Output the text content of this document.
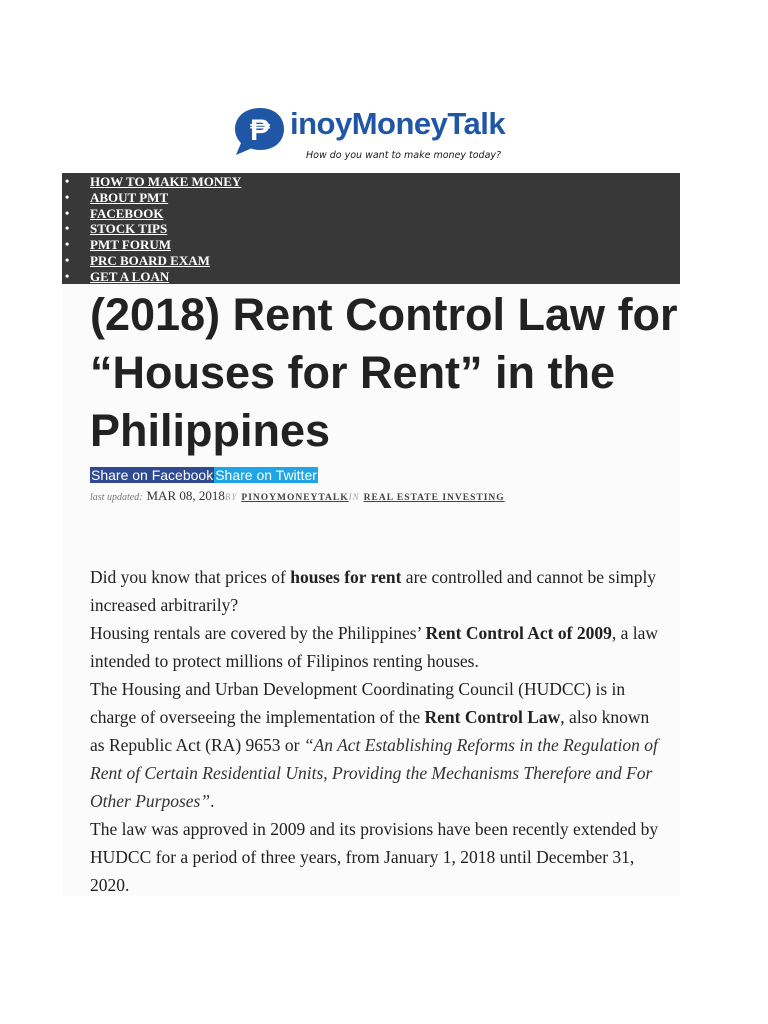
₱ inoyMoneyTalk
How do you want to make money today?
• HOW TO MAKE MONEY
• ABOUT PMT
• FACEBOOK
• STOCK TIPS
• PMT FORUM
• PRC BOARD EXAM
• GET A LOAN
(2018) Rent Control Law for “Houses for Rent” in the Philippines
Share on Facebook Share on Twitter
last updated: MAR 08, 2018BY PINOYMONEYTALKIN REAL ESTATE INVESTING

Did you know that prices of houses for rent are controlled and cannot be simply increased arbitrarily?

Housing rentals are covered by the Philippines’ Rent Control Act of 2009, a law intended to protect millions of Filipinos renting houses.

The Housing and Urban Development Coordinating Council (HUDCC) is in charge of overseeing the implementation of the Rent Control Law, also known as Republic Act (RA) 9653 or “An Act Establishing Reforms in the Regulation of Rent of Certain Residential Units, Providing the Mechanisms Therefore and For Other Purposes”.

The law was approved in 2009 and its provisions have been recently extended by HUDCC for a period of three years, from January 1, 2018 until December 31, 2020.
